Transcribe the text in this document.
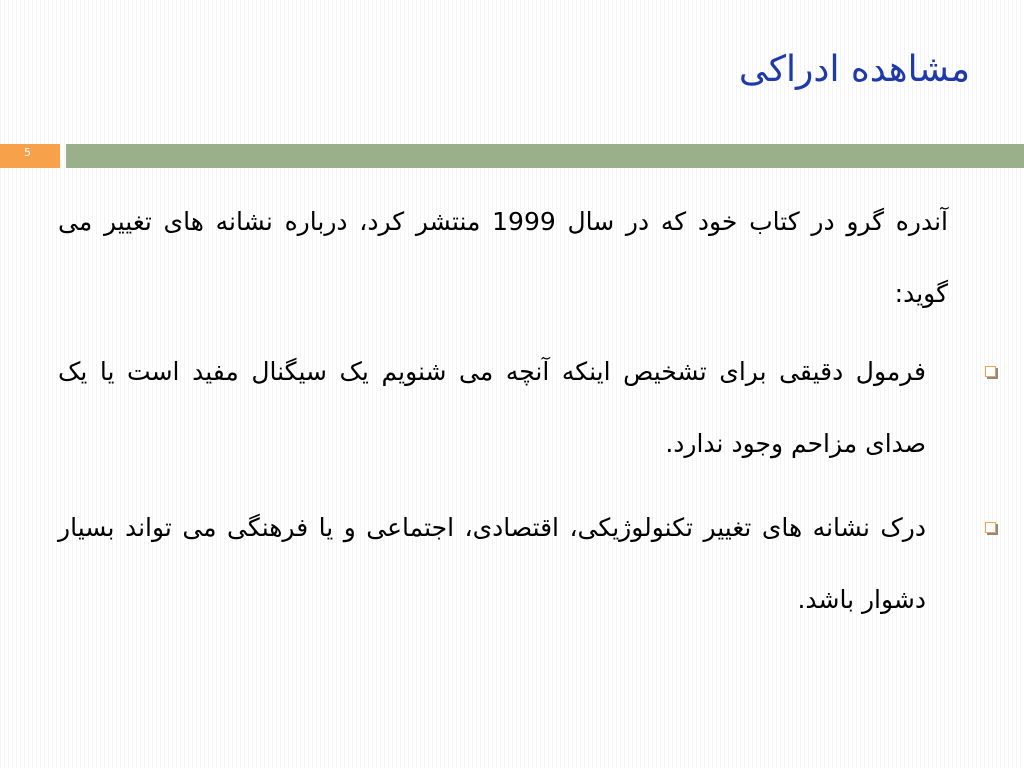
مشاهده ادراکی
5

آندره گرو در کتاب خود که در سال 1999 منتشر کرد، درباره نشانه های تغییر می گوید:

فرمول دقیقی برای تشخیص اینکه آنچه می شنویم یک سیگنال مفید است یا یک صدای مزاحم وجود ندارد.
درک نشانه های تغییر تکنولوژیکی، اقتصادی، اجتماعی و یا فرهنگی می تواند بسیار دشوار باشد.
